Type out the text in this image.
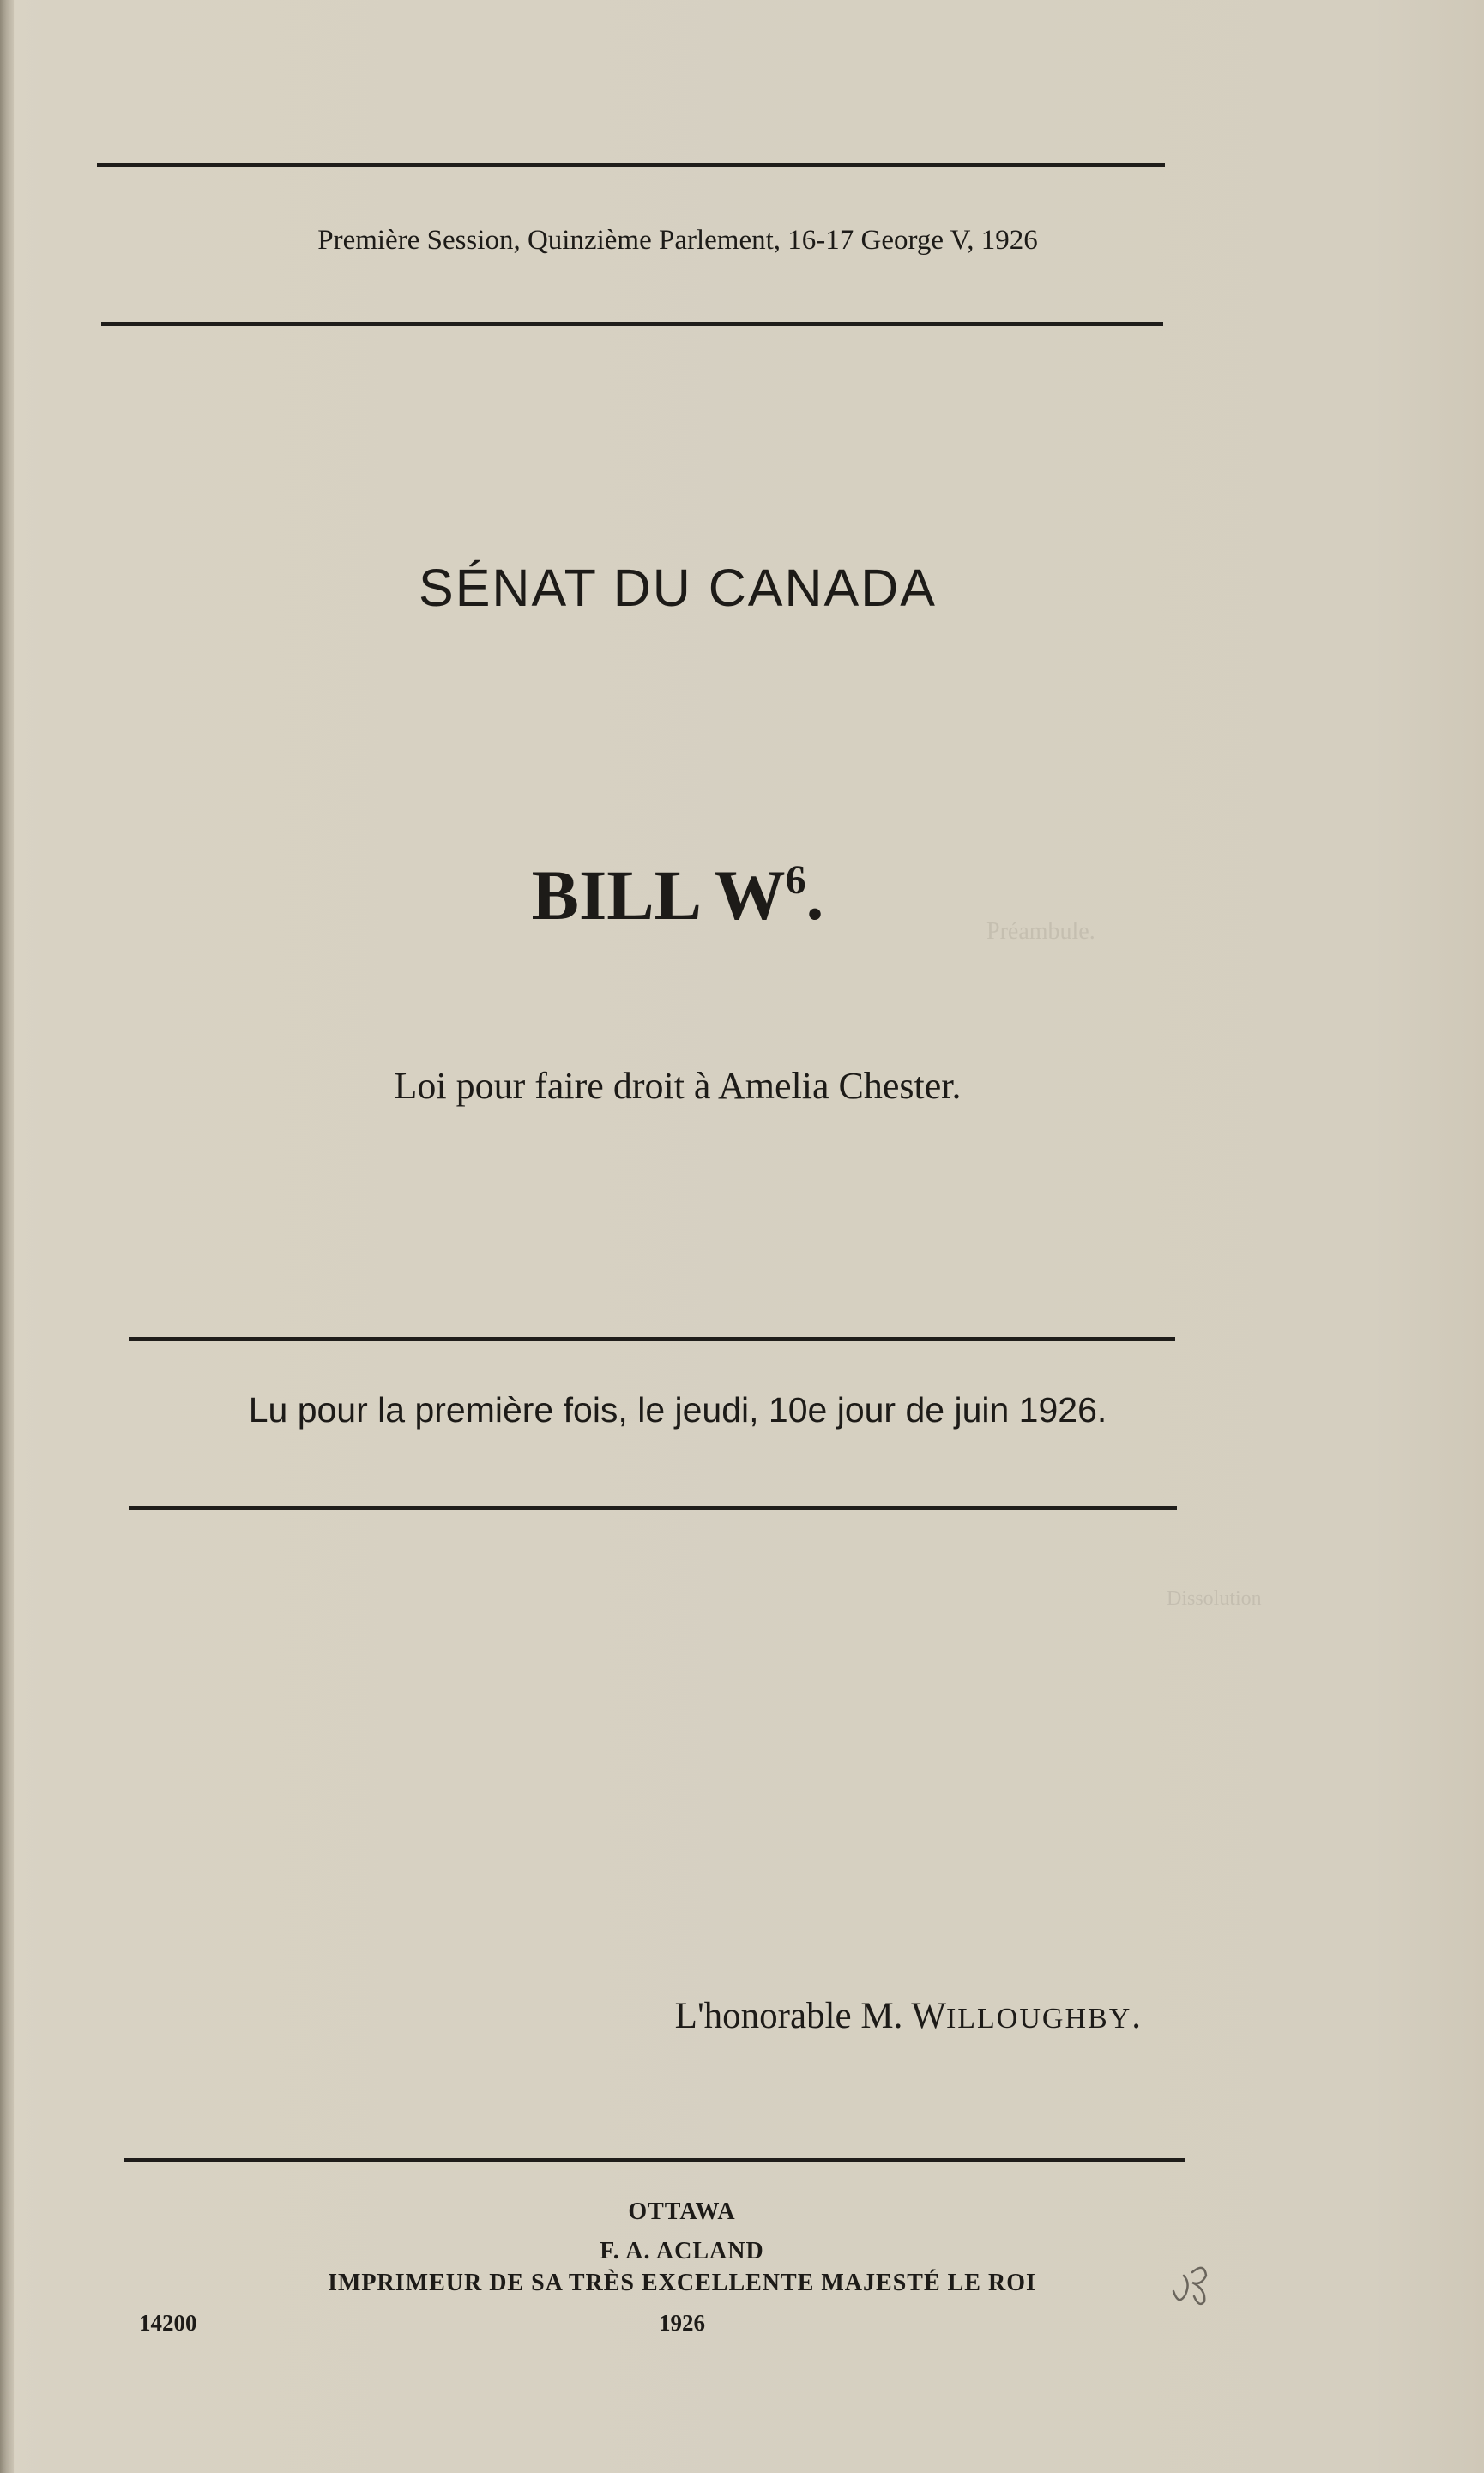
Préambule.
Dissolution
Première Session, Quinzième Parlement, 16-17 George V, 1926
SÉNAT DU CANADA
BILL $W^6$.
Loi pour faire droit à Amelia Chester.
Lu pour la première fois, le jeudi, 10e jour de juin 1926.
L'honorable M. WILLOUGHBY.
OTTAWA
F. A. ACLAND
IMPRIMEUR DE SA TRÈS EXCELLENTE MAJESTÉ LE ROI
1926
14200
